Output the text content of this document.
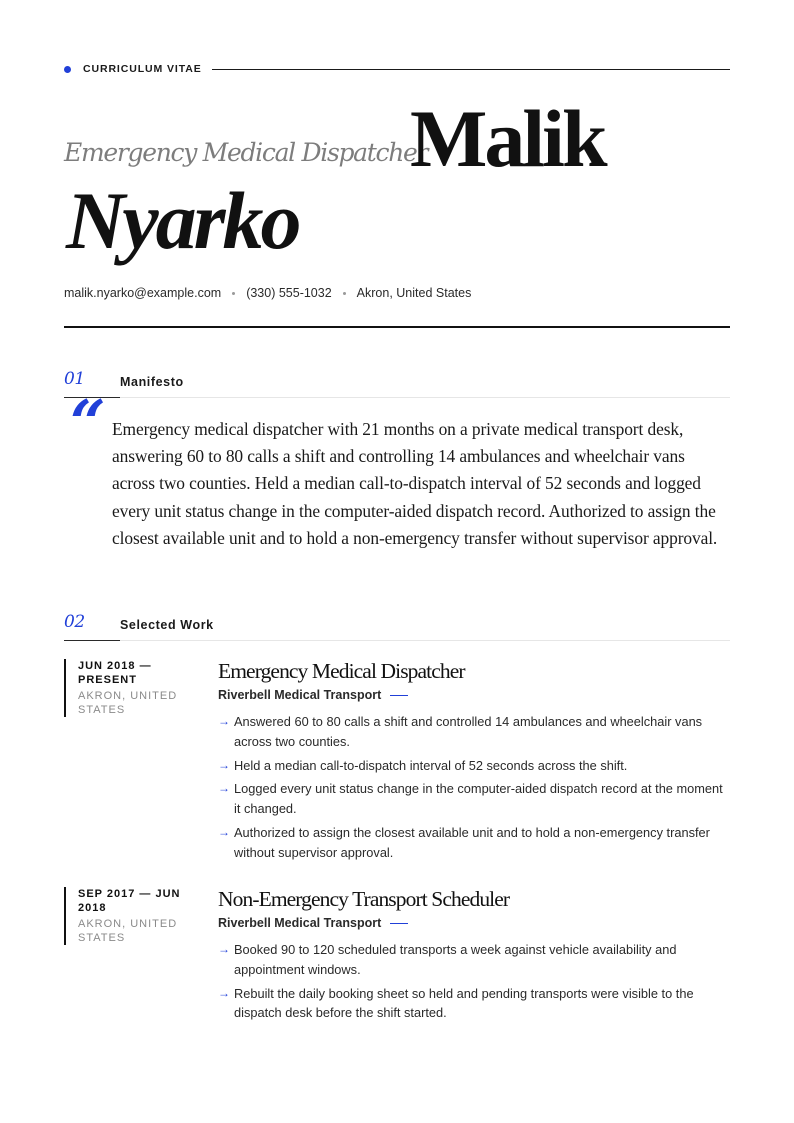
CURRICULUM VITAE
Emergency Medical Dispatcher
Malik
Nyarko
malik.nyarko@example.com (330) 555-1032 Akron, United States
01	Manifesto
“ Emergency medical dispatcher with 21 months on a private medical transport desk, answering 60 to 80 calls a shift and controlling 14 ambulances and wheelchair vans across two counties. Held a median call-to-dispatch interval of 52 seconds and logged every unit status change in the computer-aided dispatch record. Authorized to assign the closest available unit and to hold a non-emergency transfer without supervisor approval.

02	Selected Work
JUN 2018 — PRESENT
AKRON, UNITED STATES
Emergency Medical Dispatcher
Riverbell Medical Transport
→ Answered 60 to 80 calls a shift and controlled 14 ambulances and wheelchair vans across two counties.
→ Held a median call-to-dispatch interval of 52 seconds across the shift.
→ Logged every unit status change in the computer-aided dispatch record at the moment it changed.
→ Authorized to assign the closest available unit and to hold a non-emergency transfer without supervisor approval.
SEP 2017 — JUN 2018
AKRON, UNITED STATES
Non-Emergency Transport Scheduler
Riverbell Medical Transport
→ Booked 90 to 120 scheduled transports a week against vehicle availability and appointment windows.
→ Rebuilt the daily booking sheet so held and pending transports were visible to the dispatch desk before the shift started.
